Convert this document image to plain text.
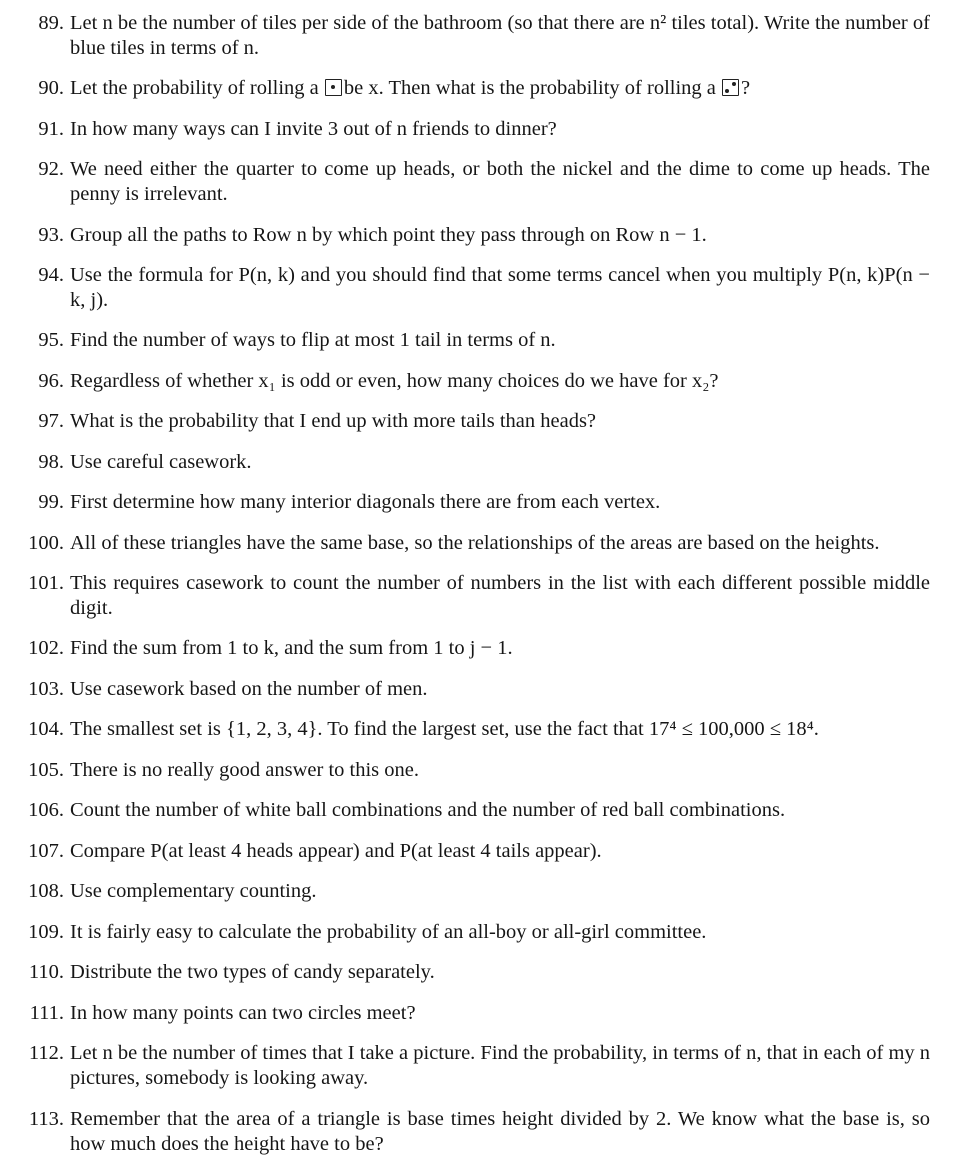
89. Let n be the number of tiles per side of the bathroom (so that there are n² tiles total). Write the number of blue tiles in terms of n.
90. Let the probability of rolling a be x. Then what is the probability of rolling a ?
91. In how many ways can I invite 3 out of n friends to dinner?
92. We need either the quarter to come up heads, or both the nickel and the dime to come up heads. The penny is irrelevant.
93. Group all the paths to Row n by which point they pass through on Row n − 1.
94. Use the formula for P(n, k) and you should find that some terms cancel when you multiply P(n, k)P(n − k, j).
95. Find the number of ways to flip at most 1 tail in terms of n.
96. Regardless of whether x₁ is odd or even, how many choices do we have for x₂?
97. What is the probability that I end up with more tails than heads?
98. Use careful casework.
99. First determine how many interior diagonals there are from each vertex.
100. All of these triangles have the same base, so the relationships of the areas are based on the heights.
101. This requires casework to count the number of numbers in the list with each different possible middle digit.
102. Find the sum from 1 to k, and the sum from 1 to j − 1.
103. Use casework based on the number of men.
104. The smallest set is {1, 2, 3, 4}. To find the largest set, use the fact that 17⁴ ≤ 100,000 ≤ 18⁴.
105. There is no really good answer to this one.
106. Count the number of white ball combinations and the number of red ball combinations.
107. Compare P(at least 4 heads appear) and P(at least 4 tails appear).
108. Use complementary counting.
109. It is fairly easy to calculate the probability of an all-boy or all-girl committee.
110. Distribute the two types of candy separately.
111. In how many points can two circles meet?
112. Let n be the number of times that I take a picture. Find the probability, in terms of n, that in each of my n pictures, somebody is looking away.
113. Remember that the area of a triangle is base times height divided by 2. We know what the base is, so how much does the height have to be?
